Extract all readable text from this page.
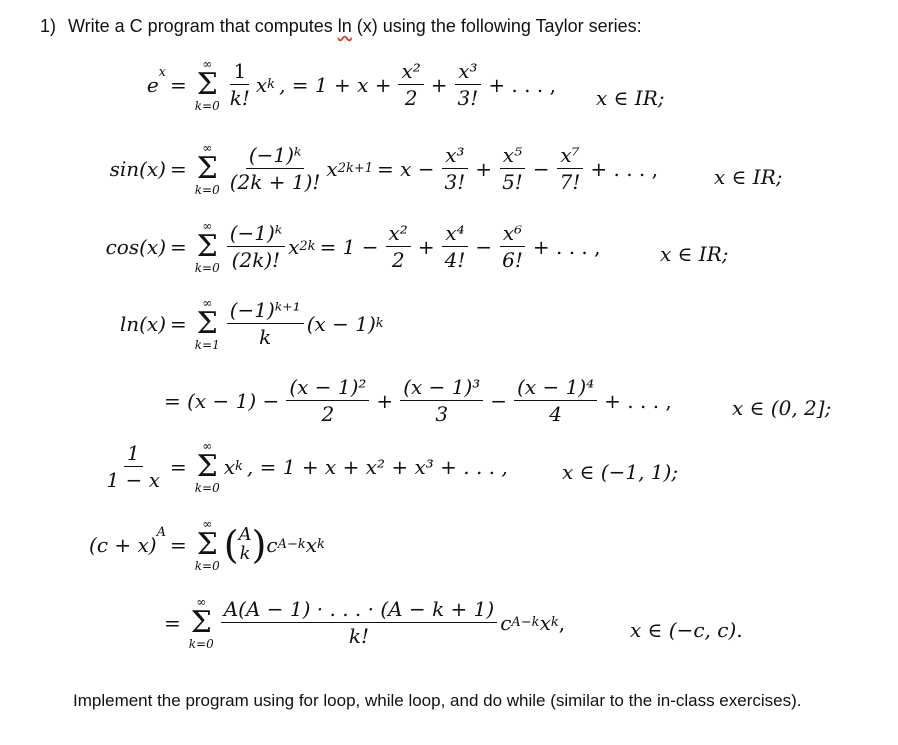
1) Write a C program that computes ln (x) using the following Taylor series:
e
x
=
∞
Σ
$k=0 \frac{1}{k!}$ x k , = $1 + x + \frac{\text{x²}}{2} + \frac{\text{x³}}{3!}$ + . . . ,
x ∈ IR;
sin(x) =
∞
Σ
$k=0 \frac{\text{(−1)ᵏ}}{(2k + 1)!}$ x $2k+1 = x - \frac{\text{x³}}{3!} + \frac{\text{x⁵}}{5!} - \frac{\text{x⁷}}{7!}$ + . . . ,	x ∈ IR;
cos(x) =
∞
Σ
$k=0 \frac{\text{(−1)ᵏ}}{(2k)!}$ x $2k = 1 - \frac{\text{x²}}{2} + \frac{\text{x⁴}}{4!} - \frac{\text{x⁶}}{6!}$ + . . . ,	x ∈ IR;
ln(x) =
∞
Σ
$k=1 \frac{\text{(−1)ᵏ⁺¹}}{k} (x - 1)$ k
= $(x - 1) - \frac{\text{(x − 1)²}}{2} + \frac{\text{(x − 1)³}}{3} - \frac{\text{(x − 1)⁴}}{4}$ + . . . ,	x ∈ (0, 2];
$\frac{1}{1 - x}$ =
∞
Σ
k=0
x k , = 1 + x + x² + x³ + . . . ,	x ∈ (−1, 1);
(c + x)
A
=
∞
Σ
k=0 ( A
k ) c A−k x k
=
∞
Σ
$k=0 \frac{A(A - 1) \cdot . . . \cdot (A - k + 1)}{k!}$ c A−k x k ,	x ∈ (−c, c).
Implement the program using for loop, while loop, and do while (similar to the in-class exercises).
